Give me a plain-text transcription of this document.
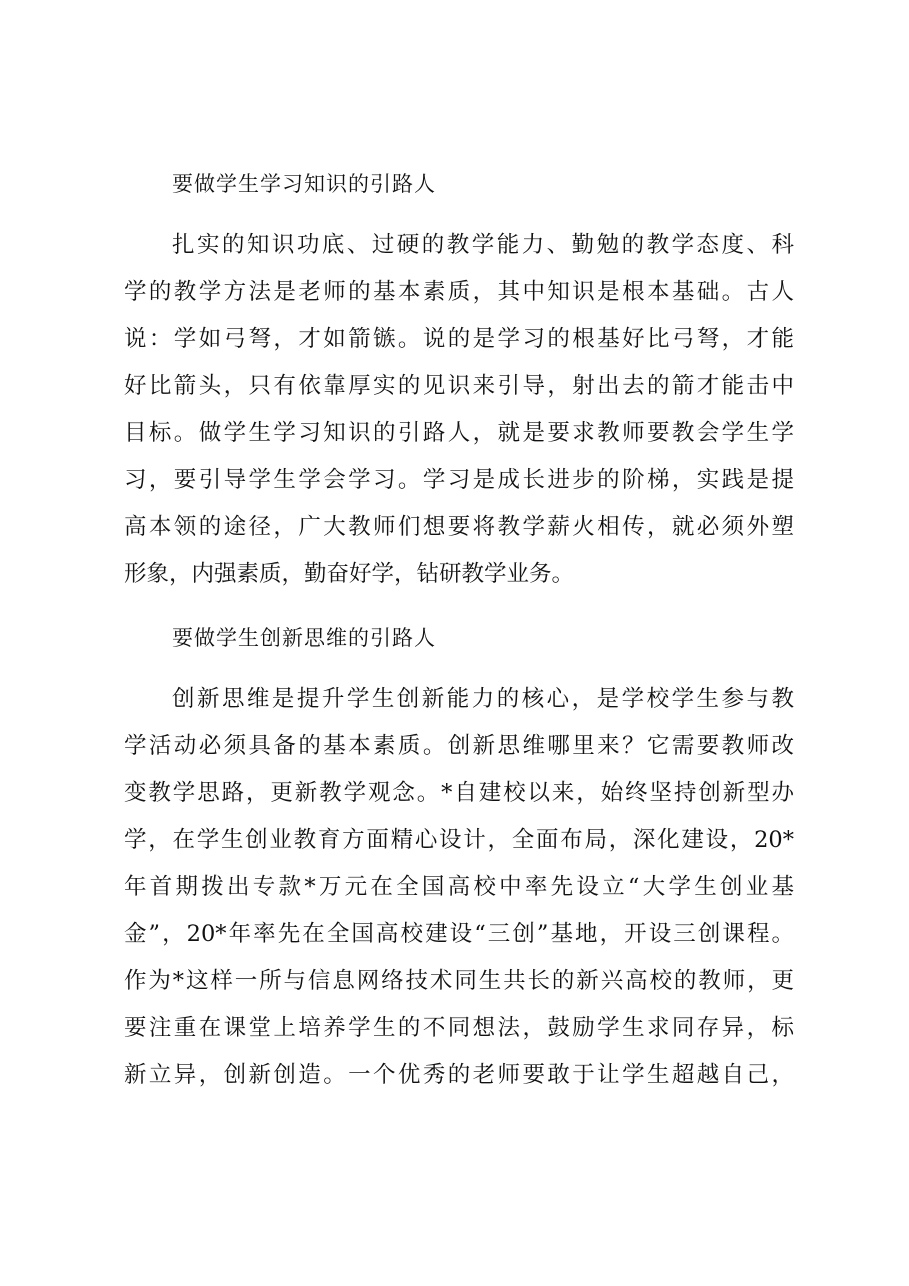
要做学生学习知识的引路人
扎实的知识功底、过硬的教学能力、勤勉的教学态度、科
学的教学方法是老师的基本素质，其中知识是根本基础。古人
说：学如弓弩，才如箭镞。说的是学习的根基好比弓弩，才能
好比箭头，只有依靠厚实的见识来引导，射出去的箭才能击中
目标。做学生学习知识的引路人，就是要求教师要教会学生学
习，要引导学生学会学习。学习是成长进步的阶梯，实践是提
高本领的途径，广大教师们想要将教学薪火相传，就必须外塑
形象，内强素质，勤奋好学，钻研教学业务。
要做学生创新思维的引路人
创新思维是提升学生创新能力的核心，是学校学生参与教
学活动必须具备的基本素质。创新思维哪里来？它需要教师改
变教学思路，更新教学观念。*自建校以来，始终坚持创新型办
学，在学生创业教育方面精心设计，全面布局，深化建设，20*
年首期拨出专款*万元在全国高校中率先设立“大学生创业基
金”，20*年率先在全国高校建设“三创”基地，开设三创课程。
作为*这样一所与信息网络技术同生共长的新兴高校的教师，更
要注重在课堂上培养学生的不同想法，鼓励学生求同存异，标
新立异，创新创造。一个优秀的老师要敢于让学生超越自己，
